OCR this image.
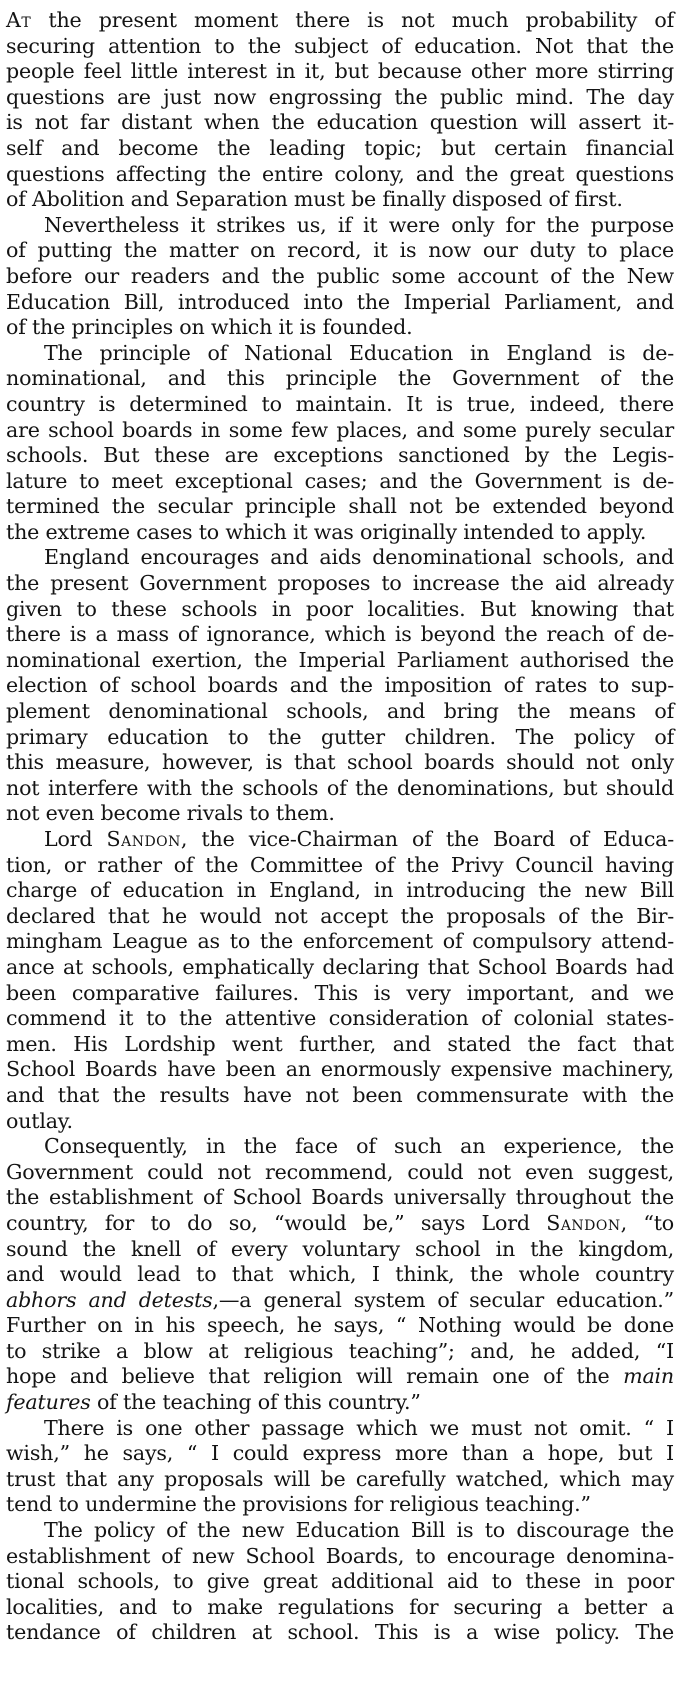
At the present moment there is not much probability of
securing attention to the subject of education. Not that the
people feel little interest in it, but because other more stirring
questions are just now engrossing the public mind. The day
is not far distant when the education question will assert it-
self and become the leading topic; but certain financial
questions affecting the entire colony, and the great questions
of Abolition and Separation must be finally disposed of first.
Nevertheless it strikes us, if it were only for the purpose
of putting the matter on record, it is now our duty to place
before our readers and the public some account of the New
Education Bill, introduced into the Imperial Parliament, and
of the principles on which it is founded.
The principle of National Education in England is de-
nominational, and this principle the Government of the
country is determined to maintain. It is true, indeed, there
are school boards in some few places, and some purely secular
schools. But these are exceptions sanctioned by the Legis-
lature to meet exceptional cases; and the Government is de-
termined the secular principle shall not be extended beyond
the extreme cases to which it was originally intended to apply.
England encourages and aids denominational schools, and
the present Government proposes to increase the aid already
given to these schools in poor localities. But knowing that
there is a mass of ignorance, which is beyond the reach of de-
nominational exertion, the Imperial Parliament authorised the
election of school boards and the imposition of rates to sup-
plement denominational schools, and bring the means of
primary education to the gutter children. The policy of
this measure, however, is that school boards should not only
not interfere with the schools of the denominations, but should
not even become rivals to them.
Lord Sandon, the vice-Chairman of the Board of Educa-
tion, or rather of the Committee of the Privy Council having
charge of education in England, in introducing the new Bill
declared that he would not accept the proposals of the Bir-
mingham League as to the enforcement of compulsory attend-
ance at schools, emphatically declaring that School Boards had
been comparative failures. This is very important, and we
commend it to the attentive consideration of colonial states-
men. His Lordship went further, and stated the fact that
School Boards have been an enormously expensive machinery,
and that the results have not been commensurate with the
outlay.
Consequently, in the face of such an experience, the
Government could not recommend, could not even suggest,
the establishment of School Boards universally throughout the
country, for to do so, “would be,” says Lord Sandon, “to
sound the knell of every voluntary school in the kingdom,
and would lead to that which, I think, the whole country
abhors and detests,—a general system of secular education.”
Further on in his speech, he says, “ Nothing would be done
to strike a blow at religious teaching”; and, he added, “I
hope and believe that religion will remain one of the main
features of the teaching of this country.”
There is one other passage which we must not omit. “ I
wish,” he says, “ I could express more than a hope, but I
trust that any proposals will be carefully watched, which may
tend to undermine the provisions for religious teaching.”
The policy of the new Education Bill is to discourage the
establishment of new School Boards, to encourage denomina-
tional schools, to give great additional aid to these in poor
localities, and to make regulations for securing a better a
tendance of children at school. This is a wise policy. The
